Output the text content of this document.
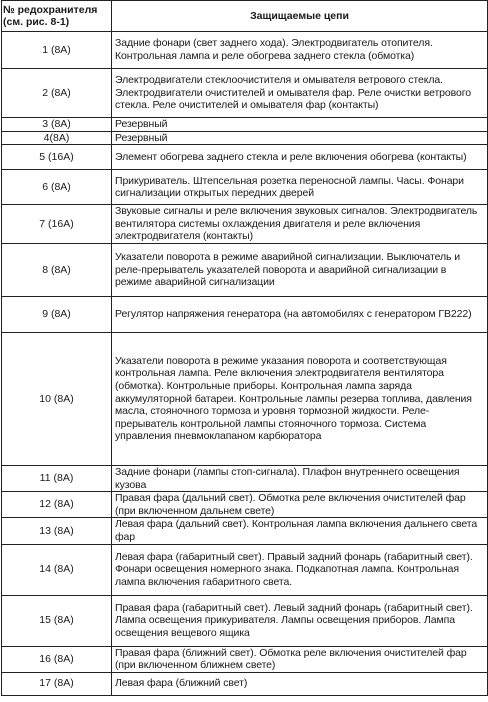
№ редохранителя
(см. рис. 8-1)	Защищаемые цепи
1 (8А)	Задние фонари (свет заднего хода). Электродвигатель отопителя. Контрольная лампа и реле обогрева заднего стекла (обмотка)
2 (8А)	Электродвигатели стеклоочистителя и омывателя ветрового стекла. Электродвигатели очистителей и омывателя фар. Реле очистки ветрового стекла. Реле очистителей и омывателя фар (контакты)
3 (8А)	Резервный
4(8А)	Резервный
5 (16А)	Элемент обогрева заднего стекла и реле включения обогрева (контакты)
6 (8А)	Прикуриватель. Штепсельная розетка переносной лампы. Часы. Фонари сигнализации открытых передних дверей
7 (16А)	Звуковые сигналы и реле включения звуковых сигналов. Электродвигатель вентилятора системы охлаждения двигателя и реле включения электродвигателя (контакты)
8 (8А)	Указатели поворота в режиме аварийной сигнализации. Выключатель и реле-прерыватель указателей поворота и аварийной сигнализации в режиме аварийной сигнализации
9 (8А)	Регулятор напряжения генератора (на автомобилях с генератором ГВ222)
10 (8А)	Указатели поворота в режиме указания поворота и соответствующая контрольная лампа. Реле включения электродвигателя вентилятора (обмотка). Контрольные приборы. Контрольная лампа заряда аккумуляторной батареи. Контрольные лампы резерва топлива, давления масла, стояночного тормоза и уровня тормозной жидкости. Реле-прерыватель контрольной лампы стояночного тормоза. Система управления пневмоклапаном карбюратора
11 (8А)	Задние фонари (лампы стоп-сигнала). Плафон внутреннего освещения кузова
12 (8А)	Правая фара (дальний свет). Обмотка реле включения очистителей фар (при включенном дальнем свете)
13 (8А)	Левая фара (дальний свет). Контрольная лампа включения дальнего света фар
14 (8А)	Левая фара (габаритный свет). Правый задний фонарь (габаритный свет). Фонари освещения номерного знака. Подкапотная лампа. Контрольная лампа включения габаритного света.
15 (8А)	Правая фара (габаритный свет). Левый задний фонарь (габаритный свет). Лампа освещения прикуривателя. Лампы освещения приборов. Лампа освещения вещевого ящика
16 (8А)	Правая фара (ближний свет). Обмотка реле включения очистителей фар (при включенном ближнем свете)
17 (8А)	Левая фара (ближний свет)
